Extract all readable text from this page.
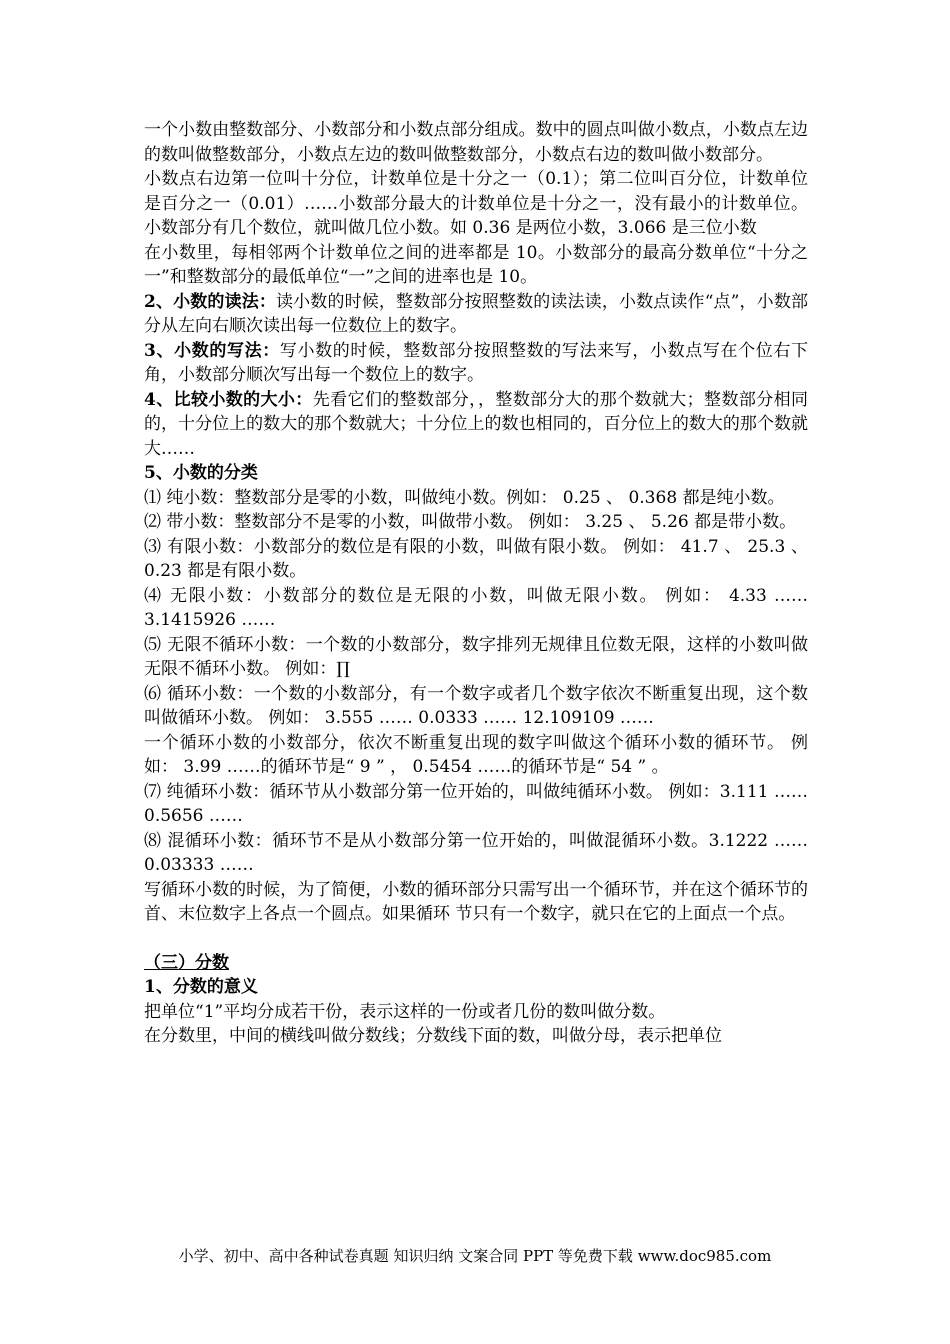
一个小数由整数部分、小数部分和小数点部分组成。数中的圆点叫做小数点，小数点左边的数叫做整数部分，小数点左边的数叫做整数部分，小数点右边的数叫做小数部分。

小数点右边第一位叫十分位，计数单位是十分之一（0.1）；第二位叫百分位，计数单位是百分之一（0.01）……小数部分最大的计数单位是十分之一，没有最小的计数单位。小数部分有几个数位，就叫做几位小数。如 0.36 是两位小数，3.066 是三位小数

在小数里，每相邻两个计数单位之间的进率都是 10。小数部分的最高分数单位“十分之一”和整数部分的最低单位“一”之间的进率也是 10。

2、小数的读法：读小数的时候，整数部分按照整数的读法读，小数点读作“点”，小数部分从左向右顺次读出每一位数位上的数字。

3、小数的写法：写小数的时候，整数部分按照整数的写法来写，小数点写在个位右下角，小数部分顺次写出每一个数位上的数字。

4、比较小数的大小：先看它们的整数部分，，整数部分大的那个数就大；整数部分相同的，十分位上的数大的那个数就大；十分位上的数也相同的，百分位上的数大的那个数就大……

5、小数的分类

⑴ 纯小数：整数部分是零的小数，叫做纯小数。例如： 0.25 、 0.368 都是纯小数。

⑵ 带小数：整数部分不是零的小数，叫做带小数。 例如： 3.25 、 5.26 都是带小数。

⑶ 有限小数：小数部分的数位是有限的小数，叫做有限小数。 例如： 41.7 、 25.3 、 0.23 都是有限小数。

⑷ 无限小数：小数部分的数位是无限的小数，叫做无限小数。 例如： 4.33 …… 3.1415926 ……

⑸ 无限不循环小数：一个数的小数部分，数字排列无规律且位数无限，这样的小数叫做无限不循环小数。 例如：∏

⑹ 循环小数：一个数的小数部分，有一个数字或者几个数字依次不断重复出现，这个数叫做循环小数。 例如： 3.555 …… 0.0333 …… 12.109109 ……

一个循环小数的小数部分，依次不断重复出现的数字叫做这个循环小数的循环节。 例如： 3.99 ……的循环节是“ 9 ” ， 0.5454 ……的循环节是“ 54 ” 。

⑺ 纯循环小数：循环节从小数部分第一位开始的，叫做纯循环小数。 例如：3.111 …… 0.5656 ……

⑻ 混循环小数：循环节不是从小数部分第一位开始的，叫做混循环小数。3.1222 …… 0.03333 ……

写循环小数的时候，为了简便，小数的循环部分只需写出一个循环节，并在这个循环节的首、末位数字上各点一个圆点。如果循环 节只有一个数字，就只在它的上面点一个点。

（三）分数

1、分数的意义

把单位“1”平均分成若干份，表示这样的一份或者几份的数叫做分数。

在分数里，中间的横线叫做分数线；分数线下面的数，叫做分母，表示把单位

小学、初中、高中各种试卷真题 知识归纳 文案合同 PPT 等免费下载 www.doc985.com
